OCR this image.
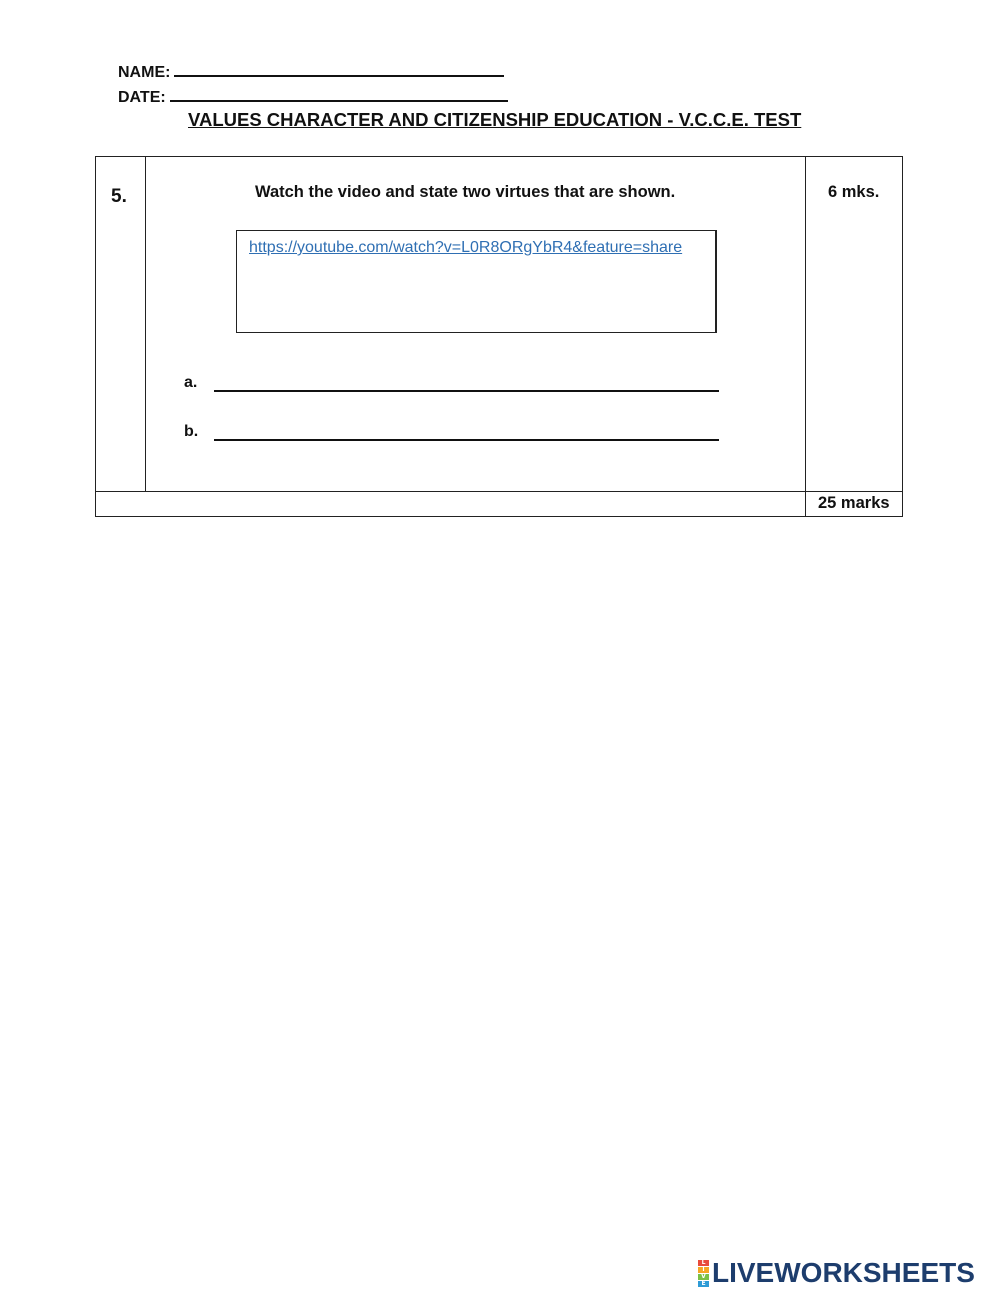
NAME:
DATE:
VALUES CHARACTER AND CITIZENSHIP EDUCATION - V.C.C.E. TEST
5.	Watch the video and state two virtues that are shown.	6 mks.
https://youtube.com/watch?v=L0R8ORgYbR4&feature=share
a.
b.
25 marks
L
I
V
E LIVEWORKSHEETS
